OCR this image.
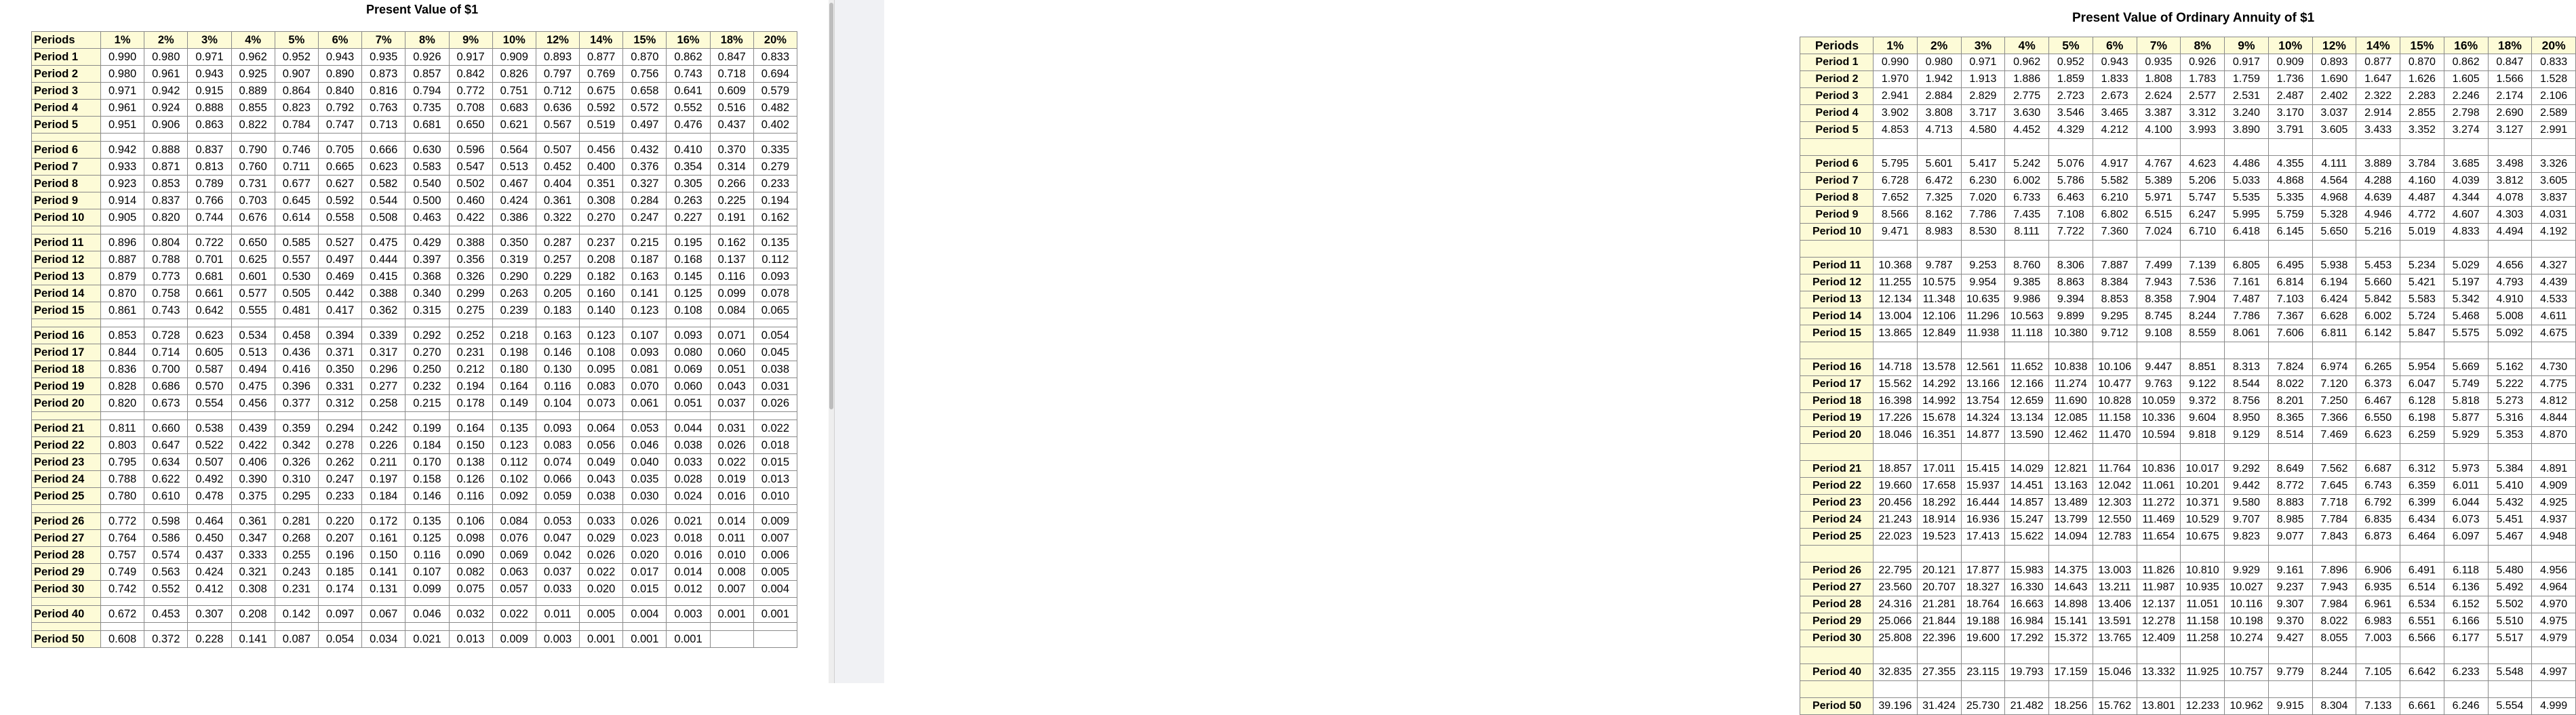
Present Value of $1
Periods	1%	2%	3%	4%	5%	6%	7%	8%	9%	10%	12%	14%	15%	16%	18%	20%
Period 1	0.990	0.980	0.971	0.962	0.952	0.943	0.935	0.926	0.917	0.909	0.893	0.877	0.870	0.862	0.847	0.833
Period 2	0.980	0.961	0.943	0.925	0.907	0.890	0.873	0.857	0.842	0.826	0.797	0.769	0.756	0.743	0.718	0.694
Period 3	0.971	0.942	0.915	0.889	0.864	0.840	0.816	0.794	0.772	0.751	0.712	0.675	0.658	0.641	0.609	0.579
Period 4	0.961	0.924	0.888	0.855	0.823	0.792	0.763	0.735	0.708	0.683	0.636	0.592	0.572	0.552	0.516	0.482
Period 5	0.951	0.906	0.863	0.822	0.784	0.747	0.713	0.681	0.650	0.621	0.567	0.519	0.497	0.476	0.437	0.402

Period 6	0.942	0.888	0.837	0.790	0.746	0.705	0.666	0.630	0.596	0.564	0.507	0.456	0.432	0.410	0.370	0.335
Period 7	0.933	0.871	0.813	0.760	0.711	0.665	0.623	0.583	0.547	0.513	0.452	0.400	0.376	0.354	0.314	0.279
Period 8	0.923	0.853	0.789	0.731	0.677	0.627	0.582	0.540	0.502	0.467	0.404	0.351	0.327	0.305	0.266	0.233
Period 9	0.914	0.837	0.766	0.703	0.645	0.592	0.544	0.500	0.460	0.424	0.361	0.308	0.284	0.263	0.225	0.194
Period 10	0.905	0.820	0.744	0.676	0.614	0.558	0.508	0.463	0.422	0.386	0.322	0.270	0.247	0.227	0.191	0.162

Period 11	0.896	0.804	0.722	0.650	0.585	0.527	0.475	0.429	0.388	0.350	0.287	0.237	0.215	0.195	0.162	0.135
Period 12	0.887	0.788	0.701	0.625	0.557	0.497	0.444	0.397	0.356	0.319	0.257	0.208	0.187	0.168	0.137	0.112
Period 13	0.879	0.773	0.681	0.601	0.530	0.469	0.415	0.368	0.326	0.290	0.229	0.182	0.163	0.145	0.116	0.093
Period 14	0.870	0.758	0.661	0.577	0.505	0.442	0.388	0.340	0.299	0.263	0.205	0.160	0.141	0.125	0.099	0.078
Period 15	0.861	0.743	0.642	0.555	0.481	0.417	0.362	0.315	0.275	0.239	0.183	0.140	0.123	0.108	0.084	0.065

Period 16	0.853	0.728	0.623	0.534	0.458	0.394	0.339	0.292	0.252	0.218	0.163	0.123	0.107	0.093	0.071	0.054
Period 17	0.844	0.714	0.605	0.513	0.436	0.371	0.317	0.270	0.231	0.198	0.146	0.108	0.093	0.080	0.060	0.045
Period 18	0.836	0.700	0.587	0.494	0.416	0.350	0.296	0.250	0.212	0.180	0.130	0.095	0.081	0.069	0.051	0.038
Period 19	0.828	0.686	0.570	0.475	0.396	0.331	0.277	0.232	0.194	0.164	0.116	0.083	0.070	0.060	0.043	0.031
Period 20	0.820	0.673	0.554	0.456	0.377	0.312	0.258	0.215	0.178	0.149	0.104	0.073	0.061	0.051	0.037	0.026

Period 21	0.811	0.660	0.538	0.439	0.359	0.294	0.242	0.199	0.164	0.135	0.093	0.064	0.053	0.044	0.031	0.022
Period 22	0.803	0.647	0.522	0.422	0.342	0.278	0.226	0.184	0.150	0.123	0.083	0.056	0.046	0.038	0.026	0.018
Period 23	0.795	0.634	0.507	0.406	0.326	0.262	0.211	0.170	0.138	0.112	0.074	0.049	0.040	0.033	0.022	0.015
Period 24	0.788	0.622	0.492	0.390	0.310	0.247	0.197	0.158	0.126	0.102	0.066	0.043	0.035	0.028	0.019	0.013
Period 25	0.780	0.610	0.478	0.375	0.295	0.233	0.184	0.146	0.116	0.092	0.059	0.038	0.030	0.024	0.016	0.010

Period 26	0.772	0.598	0.464	0.361	0.281	0.220	0.172	0.135	0.106	0.084	0.053	0.033	0.026	0.021	0.014	0.009
Period 27	0.764	0.586	0.450	0.347	0.268	0.207	0.161	0.125	0.098	0.076	0.047	0.029	0.023	0.018	0.011	0.007
Period 28	0.757	0.574	0.437	0.333	0.255	0.196	0.150	0.116	0.090	0.069	0.042	0.026	0.020	0.016	0.010	0.006
Period 29	0.749	0.563	0.424	0.321	0.243	0.185	0.141	0.107	0.082	0.063	0.037	0.022	0.017	0.014	0.008	0.005
Period 30	0.742	0.552	0.412	0.308	0.231	0.174	0.131	0.099	0.075	0.057	0.033	0.020	0.015	0.012	0.007	0.004

Period 40	0.672	0.453	0.307	0.208	0.142	0.097	0.067	0.046	0.032	0.022	0.011	0.005	0.004	0.003	0.001	0.001

Period 50	0.608	0.372	0.228	0.141	0.087	0.054	0.034	0.021	0.013	0.009	0.003	0.001	0.001	0.001		
Present Value of Ordinary Annuity of $1
Periods	1%	2%	3%	4%	5%	6%	7%	8%	9%	10%	12%	14%	15%	16%	18%	20%
Period 1	0.990	0.980	0.971	0.962	0.952	0.943	0.935	0.926	0.917	0.909	0.893	0.877	0.870	0.862	0.847	0.833
Period 2	1.970	1.942	1.913	1.886	1.859	1.833	1.808	1.783	1.759	1.736	1.690	1.647	1.626	1.605	1.566	1.528
Period 3	2.941	2.884	2.829	2.775	2.723	2.673	2.624	2.577	2.531	2.487	2.402	2.322	2.283	2.246	2.174	2.106
Period 4	3.902	3.808	3.717	3.630	3.546	3.465	3.387	3.312	3.240	3.170	3.037	2.914	2.855	2.798	2.690	2.589
Period 5	4.853	4.713	4.580	4.452	4.329	4.212	4.100	3.993	3.890	3.791	3.605	3.433	3.352	3.274	3.127	2.991

Period 6	5.795	5.601	5.417	5.242	5.076	4.917	4.767	4.623	4.486	4.355	4.111	3.889	3.784	3.685	3.498	3.326
Period 7	6.728	6.472	6.230	6.002	5.786	5.582	5.389	5.206	5.033	4.868	4.564	4.288	4.160	4.039	3.812	3.605
Period 8	7.652	7.325	7.020	6.733	6.463	6.210	5.971	5.747	5.535	5.335	4.968	4.639	4.487	4.344	4.078	3.837
Period 9	8.566	8.162	7.786	7.435	7.108	6.802	6.515	6.247	5.995	5.759	5.328	4.946	4.772	4.607	4.303	4.031
Period 10	9.471	8.983	8.530	8.111	7.722	7.360	7.024	6.710	6.418	6.145	5.650	5.216	5.019	4.833	4.494	4.192

Period 11	10.368	9.787	9.253	8.760	8.306	7.887	7.499	7.139	6.805	6.495	5.938	5.453	5.234	5.029	4.656	4.327
Period 12	11.255	10.575	9.954	9.385	8.863	8.384	7.943	7.536	7.161	6.814	6.194	5.660	5.421	5.197	4.793	4.439
Period 13	12.134	11.348	10.635	9.986	9.394	8.853	8.358	7.904	7.487	7.103	6.424	5.842	5.583	5.342	4.910	4.533
Period 14	13.004	12.106	11.296	10.563	9.899	9.295	8.745	8.244	7.786	7.367	6.628	6.002	5.724	5.468	5.008	4.611
Period 15	13.865	12.849	11.938	11.118	10.380	9.712	9.108	8.559	8.061	7.606	6.811	6.142	5.847	5.575	5.092	4.675

Period 16	14.718	13.578	12.561	11.652	10.838	10.106	9.447	8.851	8.313	7.824	6.974	6.265	5.954	5.669	5.162	4.730
Period 17	15.562	14.292	13.166	12.166	11.274	10.477	9.763	9.122	8.544	8.022	7.120	6.373	6.047	5.749	5.222	4.775
Period 18	16.398	14.992	13.754	12.659	11.690	10.828	10.059	9.372	8.756	8.201	7.250	6.467	6.128	5.818	5.273	4.812
Period 19	17.226	15.678	14.324	13.134	12.085	11.158	10.336	9.604	8.950	8.365	7.366	6.550	6.198	5.877	5.316	4.844
Period 20	18.046	16.351	14.877	13.590	12.462	11.470	10.594	9.818	9.129	8.514	7.469	6.623	6.259	5.929	5.353	4.870

Period 21	18.857	17.011	15.415	14.029	12.821	11.764	10.836	10.017	9.292	8.649	7.562	6.687	6.312	5.973	5.384	4.891
Period 22	19.660	17.658	15.937	14.451	13.163	12.042	11.061	10.201	9.442	8.772	7.645	6.743	6.359	6.011	5.410	4.909
Period 23	20.456	18.292	16.444	14.857	13.489	12.303	11.272	10.371	9.580	8.883	7.718	6.792	6.399	6.044	5.432	4.925
Period 24	21.243	18.914	16.936	15.247	13.799	12.550	11.469	10.529	9.707	8.985	7.784	6.835	6.434	6.073	5.451	4.937
Period 25	22.023	19.523	17.413	15.622	14.094	12.783	11.654	10.675	9.823	9.077	7.843	6.873	6.464	6.097	5.467	4.948

Period 26	22.795	20.121	17.877	15.983	14.375	13.003	11.826	10.810	9.929	9.161	7.896	6.906	6.491	6.118	5.480	4.956
Period 27	23.560	20.707	18.327	16.330	14.643	13.211	11.987	10.935	10.027	9.237	7.943	6.935	6.514	6.136	5.492	4.964
Period 28	24.316	21.281	18.764	16.663	14.898	13.406	12.137	11.051	10.116	9.307	7.984	6.961	6.534	6.152	5.502	4.970
Period 29	25.066	21.844	19.188	16.984	15.141	13.591	12.278	11.158	10.198	9.370	8.022	6.983	6.551	6.166	5.510	4.975
Period 30	25.808	22.396	19.600	17.292	15.372	13.765	12.409	11.258	10.274	9.427	8.055	7.003	6.566	6.177	5.517	4.979

Period 40	32.835	27.355	23.115	19.793	17.159	15.046	13.332	11.925	10.757	9.779	8.244	7.105	6.642	6.233	5.548	4.997

Period 50	39.196	31.424	25.730	21.482	18.256	15.762	13.801	12.233	10.962	9.915	8.304	7.133	6.661	6.246	5.554	4.999
